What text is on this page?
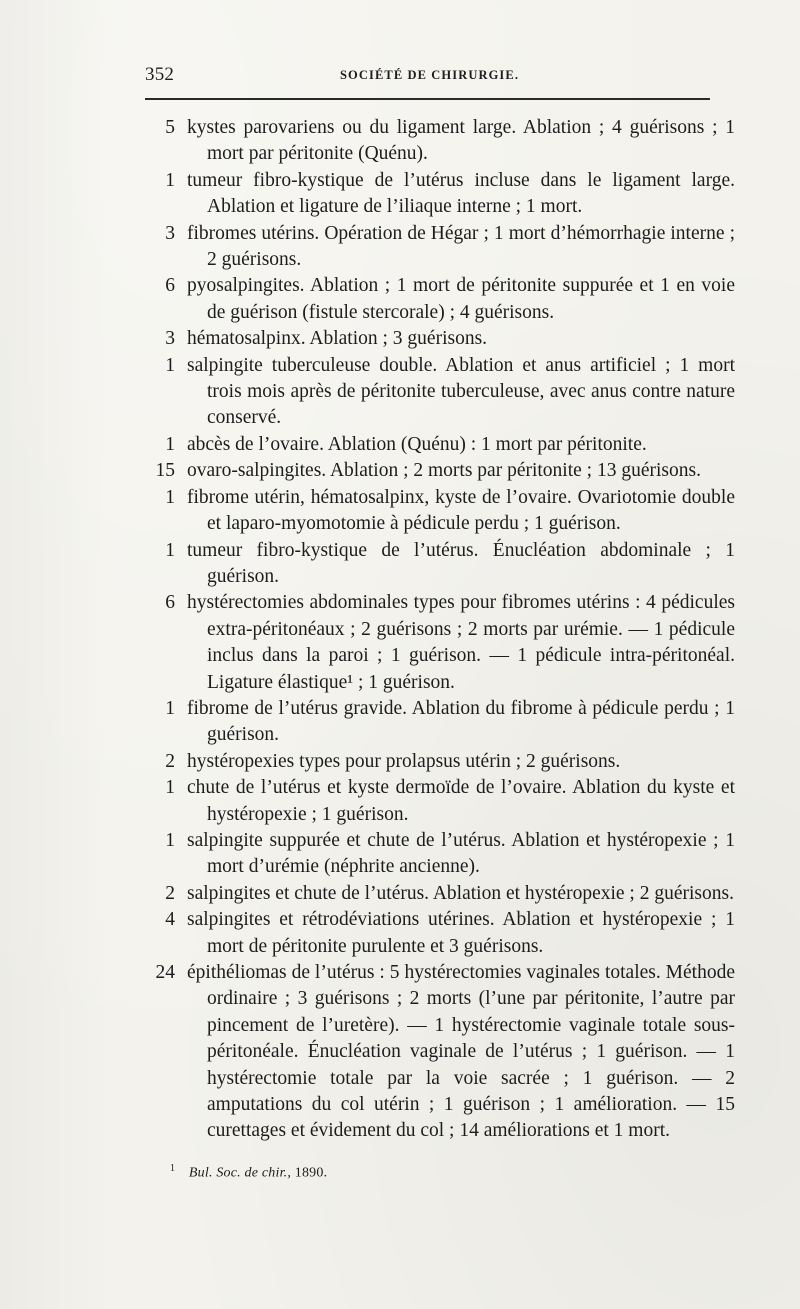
352	SOCIÉTÉ DE CHIRURGIE.
5 kystes parovariens ou du ligament large. Ablation ; 4 guérisons ; 1 mort par péritonite (Quénu).
1 tumeur fibro-kystique de l’utérus incluse dans le ligament large. Ablation et ligature de l’iliaque interne ; 1 mort.
3 fibromes utérins. Opération de Hégar ; 1 mort d’hémorrhagie interne ; 2 guérisons.
6 pyosalpingites. Ablation ; 1 mort de péritonite suppurée et 1 en voie de guérison (fistule stercorale) ; 4 guérisons.
3 hématosalpinx. Ablation ; 3 guérisons.
1 salpingite tuberculeuse double. Ablation et anus artificiel ; 1 mort trois mois après de péritonite tuberculeuse, avec anus contre nature conservé.
1 abcès de l’ovaire. Ablation (Quénu) : 1 mort par péritonite.
15 ovaro-salpingites. Ablation ; 2 morts par péritonite ; 13 guérisons.
1 fibrome utérin, hématosalpinx, kyste de l’ovaire. Ovariotomie double et laparo-myomotomie à pédicule perdu ; 1 guérison.
1 tumeur fibro-kystique de l’utérus. Énucléation abdominale ; 1 guérison.
6 hystérectomies abdominales types pour fibromes utérins : 4 pédicules extra-péritonéaux ; 2 guérisons ; 2 morts par urémie. — 1 pédicule inclus dans la paroi ; 1 guérison. — 1 pédicule intra-péritonéal. Ligature élastique¹ ; 1 guérison.
1 fibrome de l’utérus gravide. Ablation du fibrome à pédicule perdu ; 1 guérison.
2 hystéropexies types pour prolapsus utérin ; 2 guérisons.
1 chute de l’utérus et kyste dermoïde de l’ovaire. Ablation du kyste et hystéropexie ; 1 guérison.
1 salpingite suppurée et chute de l’utérus. Ablation et hystéropexie ; 1 mort d’urémie (néphrite ancienne).
2 salpingites et chute de l’utérus. Ablation et hystéropexie ; 2 guérisons.
4 salpingites et rétrodéviations utérines. Ablation et hystéropexie ; 1 mort de péritonite purulente et 3 guérisons.
24 épithéliomas de l’utérus : 5 hystérectomies vaginales totales. Méthode ordinaire ; 3 guérisons ; 2 morts (l’une par péritonite, l’autre par pincement de l’uretère). — 1 hystérectomie vaginale totale sous-péritonéale. Énucléation vaginale de l’utérus ; 1 guérison. — 1 hystérectomie totale par la voie sacrée ; 1 guérison. — 2 amputations du col utérin ; 1 guérison ; 1 amélioration. — 15 curettages et évidement du col ; 14 améliorations et 1 mort.
$^1$ Bul. Soc. de chir., 1890.
